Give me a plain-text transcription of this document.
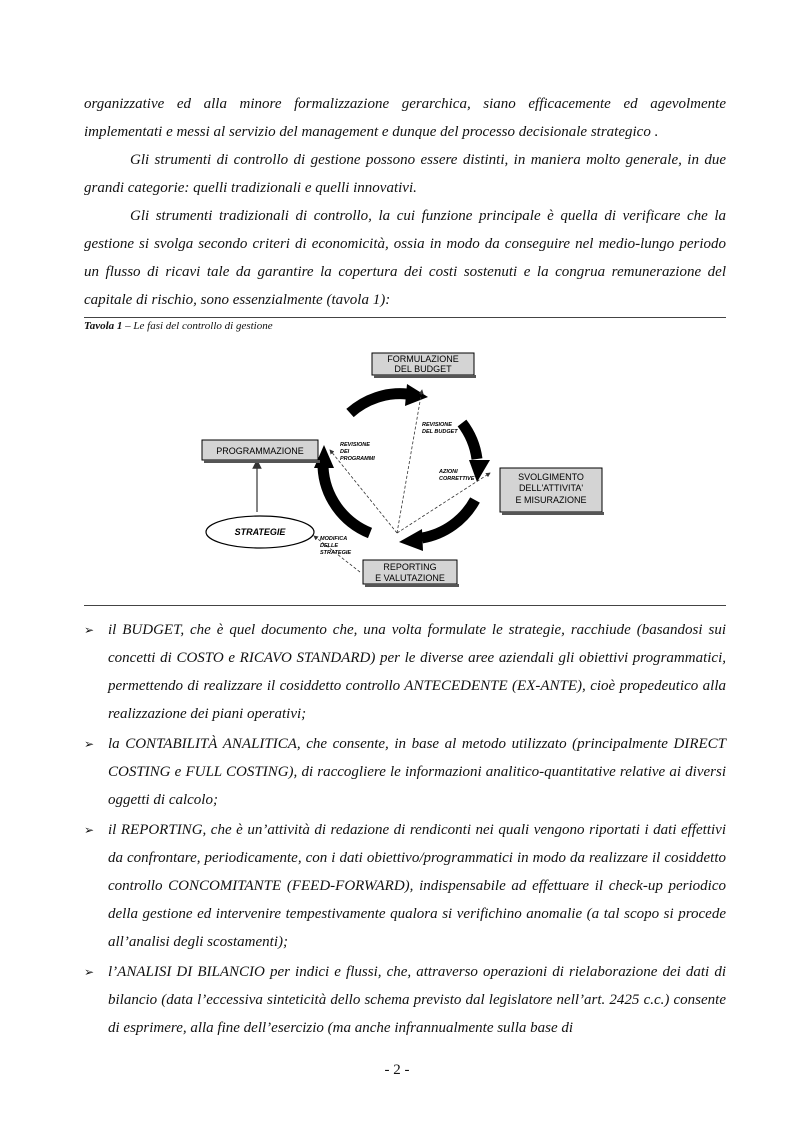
organizzative ed alla minore formalizzazione gerarchica, siano efficacemente ed agevolmente implementati e messi al servizio del management e dunque del processo decisionale strategico .

Gli strumenti di controllo di gestione possono essere distinti, in maniera molto generale, in due grandi categorie: quelli tradizionali e quelli innovativi.

Gli strumenti tradizionali di controllo, la cui funzione principale è quella di verificare che la gestione si svolga secondo criteri di economicità, ossia in modo da conseguire nel medio-lungo periodo un flusso di ricavi tale da garantire la copertura dei costi sostenuti e la congrua remunerazione del capitale di rischio, sono essenzialmente (tavola 1):

Tavola 1 – Le fasi del controllo di gestione

FORMULAZIONE
DEL BUDGET
SVOLGIMENTO
DELL'ATTIVITA'
E MISURAZIONE
REPORTING
E VALUTAZIONE
PROGRAMMAZIONE
STRATEGIE
REVISIONE
DEL BUDGET
REVISIONE
DEI
PROGRAMMI
AZIONI
CORRETTIVE
MODIFICA
DELLE
STRATEGIE
➢ il BUDGET, che è quel documento che, una volta formulate le strategie, racchiude (basandosi sui concetti di COSTO e RICAVO STANDARD) per le diverse aree aziendali gli obiettivi programmatici, permettendo di realizzare il cosiddetto controllo ANTECEDENTE (EX-ANTE), cioè propedeutico alla realizzazione dei piani operativi;
➢ la CONTABILITÀ ANALITICA, che consente, in base al metodo utilizzato (principalmente DIRECT COSTING e FULL COSTING), di raccogliere le informazioni analitico-quantitative relative ai diversi oggetti di calcolo;
➢ il REPORTING, che è un’attività di redazione di rendiconti nei quali vengono riportati i dati effettivi da confrontare, periodicamente, con i dati obiettivo/programmatici in modo da realizzare il cosiddetto controllo CONCOMITANTE (FEED-FORWARD), indispensabile ad effettuare il check-up periodico della gestione ed intervenire tempestivamente qualora si verifichino anomalie (a tal scopo si procede all’analisi degli scostamenti);
➢ l’ANALISI DI BILANCIO per indici e flussi, che, attraverso operazioni di rielaborazione dei dati di bilancio (data l’eccessiva sinteticità dello schema previsto dal legislatore nell’art. 2425 c.c.) consente di esprimere, alla fine dell’esercizio (ma anche infrannualmente sulla base di
- 2 -
